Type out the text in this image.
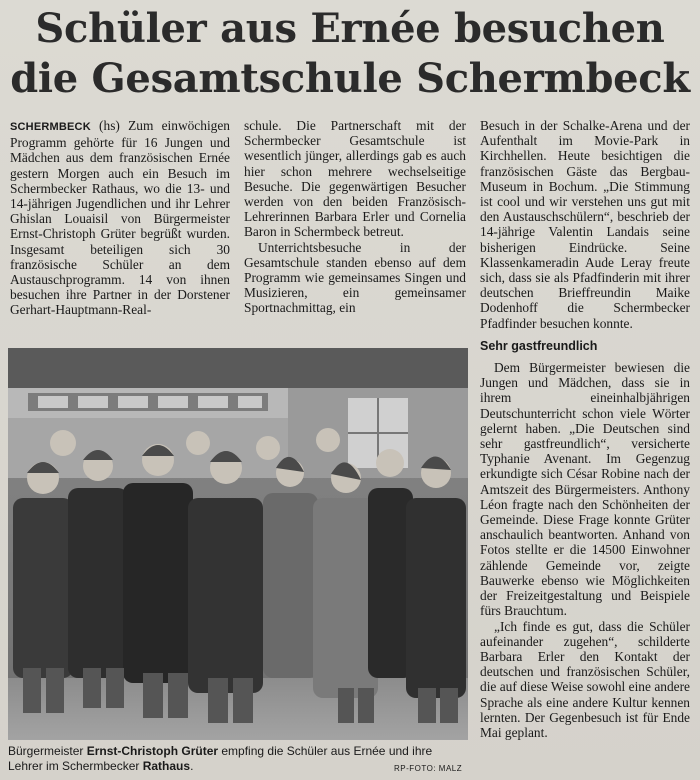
Schüler aus Ernée besuchen
die Gesamtschule Schermbeck

SCHERMBECK (hs) Zum einwöchigen Programm gehörte für 16 Jungen und Mädchen aus dem französischen Ernée gestern Morgen auch ein Besuch im Schermbecker Rathaus, wo die 13- und 14-jährigen Jugendlichen und ihr Lehrer Ghislan Louaisil von Bürgermeister Ernst-Christoph Grüter begrüßt wurden. Insgesamt beteiligen sich 30 französische Schüler an dem Austauschprogramm. 14 von ihnen besuchen ihre Partner in der Dorstener Gerhart-Hauptmann-Real-

schule. Die Partnerschaft mit der Schermbecker Gesamtschule ist wesentlich jünger, allerdings gab es auch hier schon mehrere wechselseitige Besuche. Die gegenwärtigen Besucher werden von den beiden Französisch-Lehrerinnen Barbara Erler und Cornelia Baron in Schermbeck betreut.

Unterrichtsbesuche in der Gesamtschule standen ebenso auf dem Programm wie gemeinsames Singen und Musizieren, ein gemeinsamer Sportnachmittag, ein

Besuch in der Schalke-Arena und der Aufenthalt im Movie-Park in Kirchhellen. Heute besichtigen die französischen Gäste das Bergbau-Museum in Bochum. „Die Stimmung ist cool und wir verstehen uns gut mit den Austauschschülern“, beschrieb der 14-jährige Valentin Landais seine bisherigen Eindrücke. Seine Klassenkameradin Aude Leray freute sich, dass sie als Pfadfinderin mit ihrer deutschen Brieffreundin Maike Dodenhoff die Schermbecker Pfadfinder besuchen konnte.

Sehr gastfreundlich

Dem Bürgermeister bewiesen die Jungen und Mädchen, dass sie in ihrem eineinhalbjährigen Deutschunterricht schon viele Wörter gelernt haben. „Die Deutschen sind sehr gastfreundlich“, versicherte Typhanie Avenant. Im Gegenzug erkundigte sich César Robine nach der Amtszeit des Bürgermeisters. Anthony Léon fragte nach den Schönheiten der Gemeinde. Diese Frage konnte Grüter anschaulich beantworten. Anhand von Fotos stellte er die 14500 Einwohner zählende Gemeinde vor, zeigte Bauwerke ebenso wie Möglichkeiten der Freizeitgestaltung und Beispiele fürs Brauchtum.

„Ich finde es gut, dass die Schüler aufeinander zugehen“, schilderte Barbara Erler den Kontakt der deutschen und französischen Schüler, die auf diese Weise sowohl eine andere Sprache als eine andere Kultur kennen lernten. Der Gegenbesuch ist für Ende Mai geplant.

Bürgermeister Ernst-Christoph Grüter empfing die Schüler aus Ernée und ihre Lehrer im Schermbecker Rathaus.	RP-FOTO: MALZ
